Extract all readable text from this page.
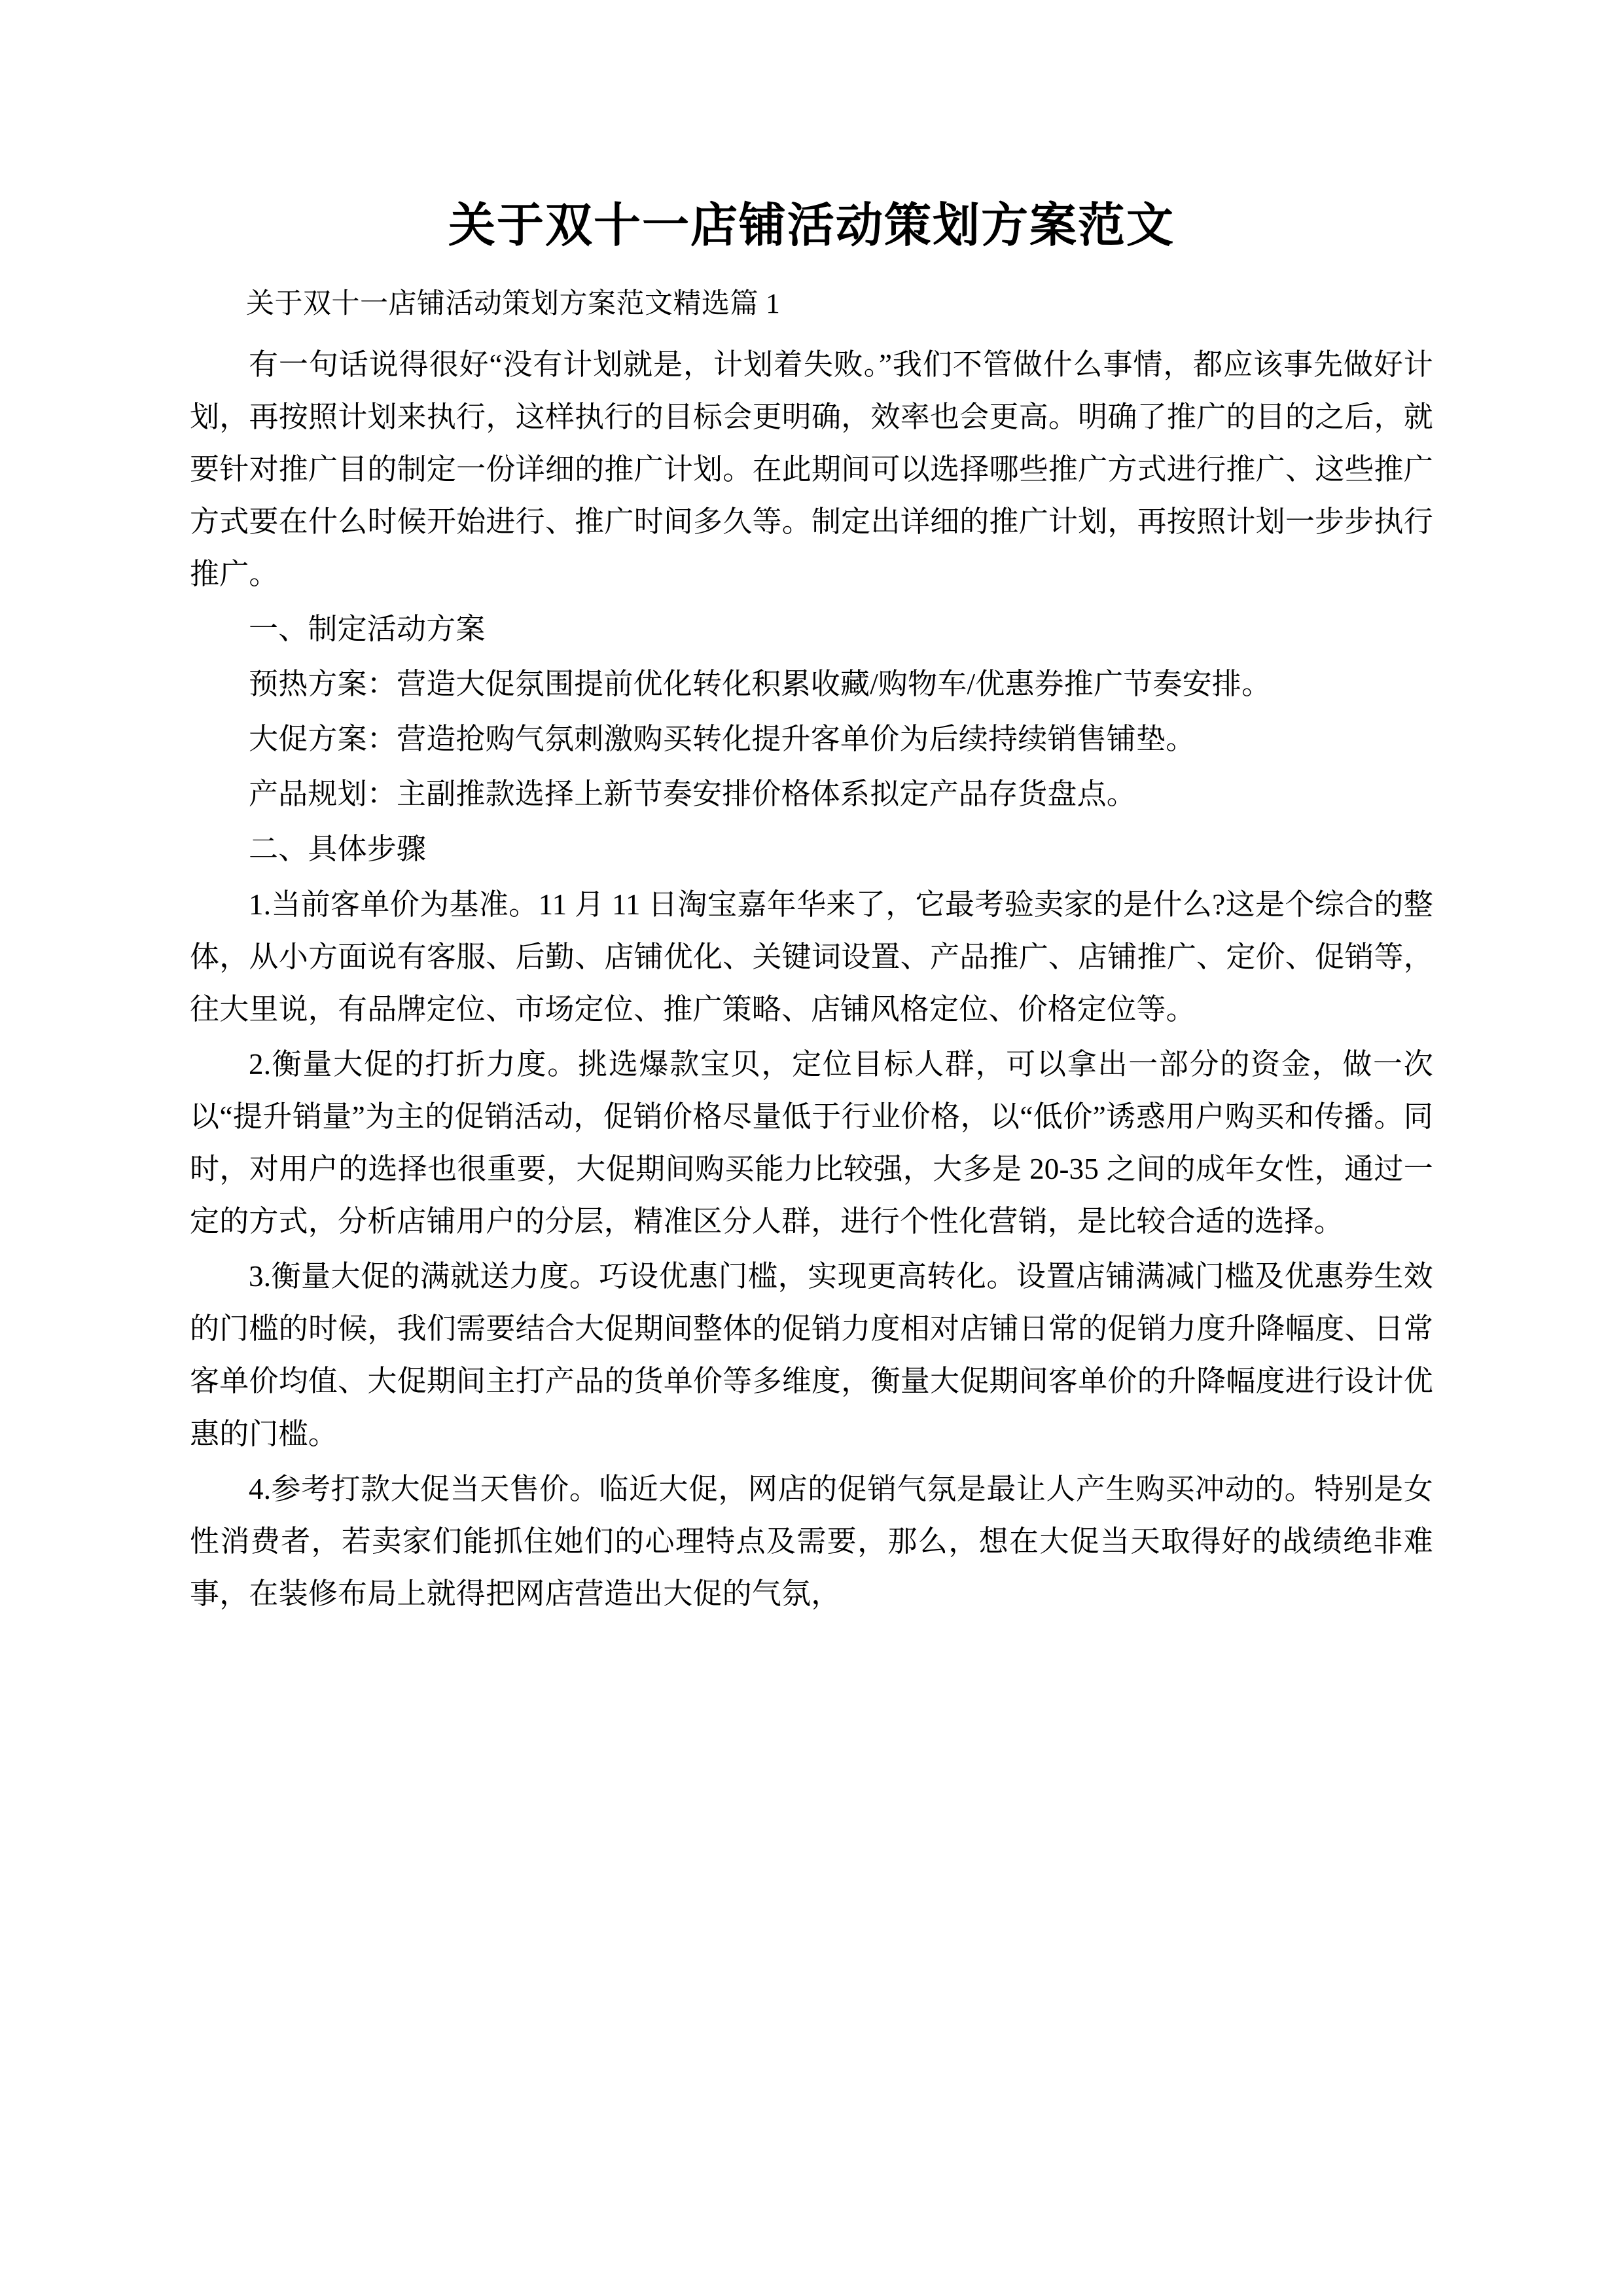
关于双十一店铺活动策划方案范文
关于双十一店铺活动策划方案范文精选篇 1

有一句话说得很好“没有计划就是，计划着失败。”我们不管做什么事情，都应该事先做好计划，再按照计划来执行，这样执行的目标会更明确，效率也会更高。明确了推广的目的之后，就要针对推广目的制定一份详细的推广计划。在此期间可以选择哪些推广方式进行推广、这些推广方式要在什么时候开始进行、推广时间多久等。制定出详细的推广计划，再按照计划一步步执行推广。

一、制定活动方案

预热方案：营造大促氛围提前优化转化积累收藏/购物车/优惠券推广节奏安排。

大促方案：营造抢购气氛刺激购买转化提升客单价为后续持续销售铺垫。

产品规划：主副推款选择上新节奏安排价格体系拟定产品存货盘点。

二、具体步骤

1.当前客单价为基准。11 月 11 日淘宝嘉年华来了，它最考验卖家的是什么?这是个综合的整体，从小方面说有客服、后勤、店铺优化、关键词设置、产品推广、店铺推广、定价、促销等，往大里说，有品牌定位、市场定位、推广策略、店铺风格定位、价格定位等。

2.衡量大促的打折力度。挑选爆款宝贝，定位目标人群，可以拿出一部分的资金，做一次以“提升销量”为主的促销活动，促销价格尽量低于行业价格，以“低价”诱惑用户购买和传播。同时，对用户的选择也很重要，大促期间购买能力比较强，大多是 20-35 之间的成年女性，通过一定的方式，分析店铺用户的分层，精准区分人群，进行个性化营销，是比较合适的选择。

3.衡量大促的满就送力度。巧设优惠门槛，实现更高转化。设置店铺满减门槛及优惠券生效的门槛的时候，我们需要结合大促期间整体的促销力度相对店铺日常的促销力度升降幅度、日常客单价均值、大促期间主打产品的货单价等多维度，衡量大促期间客单价的升降幅度进行设计优惠的门槛。

4.参考打款大促当天售价。临近大促，网店的促销气氛是最让人产生购买冲动的。特别是女性消费者，若卖家们能抓住她们的心理特点及需要，那么，想在大促当天取得好的战绩绝非难事，在装修布局上就得把网店营造出大促的气氛，
